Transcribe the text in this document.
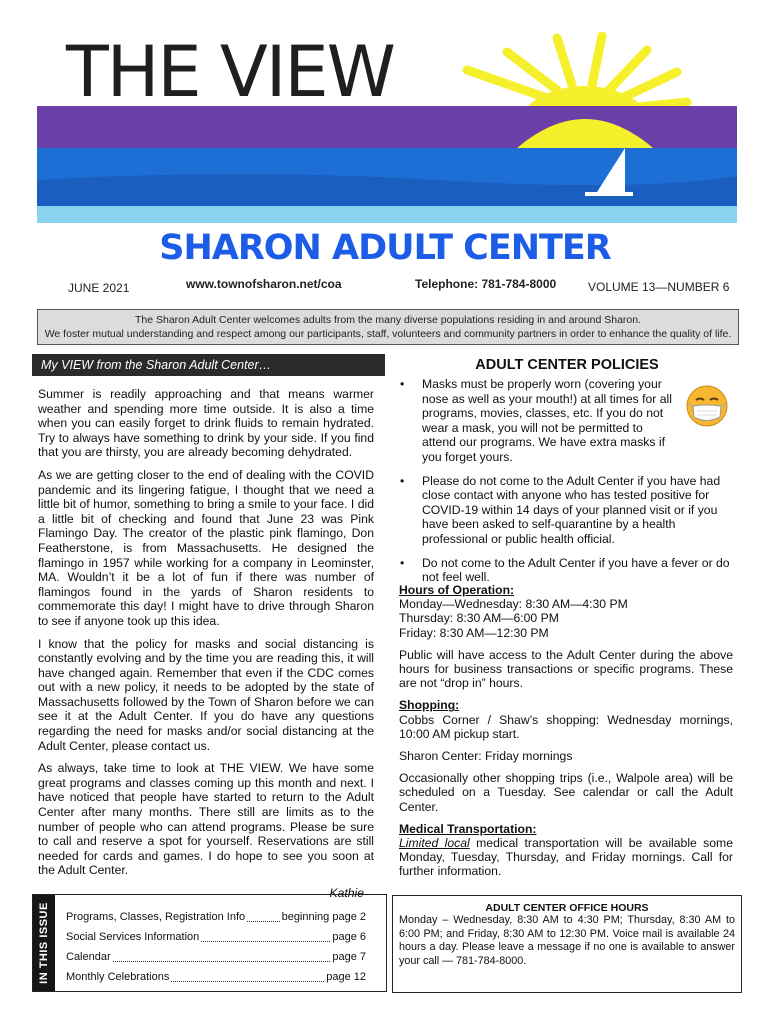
THE VIEW
SHARON ADULT CENTER
JUNE 2021	www.townofsharon.net/coa	Telephone: 781-784-8000	VOLUME 13—NUMBER 6
The Sharon Adult Center welcomes adults from the many diverse populations residing in and around Sharon.
We foster mutual understanding and respect among our participants, staff, volunteers and community partners in order to enhance the quality of life.
My VIEW from the Sharon Adult Center…

Summer is readily approaching and that means warmer weather and spending more time outside. It is also a time when you can easily forget to drink fluids to remain hydrated. Try to always have something to drink by your side. If you find that you are thirsty, you are already becoming dehydrated.

As we are getting closer to the end of dealing with the COVID pandemic and its lingering fatigue, I thought that we need a little bit of humor, something to bring a smile to your face. I did a little bit of checking and found that June 23 was Pink Flamingo Day. The creator of the plastic pink flamingo, Don Featherstone, is from Massachusetts. He designed the flamingo in 1957 while working for a company in Leominster, MA. Wouldn’t it be a lot of fun if there was number of flamingos found in the yards of Sharon residents to commemorate this day! I might have to drive through Sharon to see if anyone took up this idea.

I know that the policy for masks and social distancing is constantly evolving and by the time you are reading this, it will have changed again. Remember that even if the CDC comes out with a new policy, it needs to be adopted by the state of Massachusetts followed by the Town of Sharon before we can see it at the Adult Center. If you do have any questions regarding the need for masks and/or social distancing at the Adult Center, please contact us.

As always, take time to look at THE VIEW. We have some great programs and classes coming up this month and next. I have noticed that people have started to return to the Adult Center after many months. There still are limits as to the number of people who can attend programs. Please be sure to call and reserve a spot for yourself. Reservations are still needed for cards and games. I do hope to see you soon at the Adult Center.

Kathie

IN THIS ISSUE Programs, Classes, Registration Info	beginning page 2
Social Services Information	page 6
Calendar	page 7
Monthly Celebrations	page 12
ADULT CENTER POLICIES
• Masks must be properly worn (covering your nose as well as your mouth!) at all times for all programs, movies, classes, etc. If you do not wear a mask, you will not be permitted to attend our programs. We have extra masks if you forget yours.
• Please do not come to the Adult Center if you have had close contact with anyone who has tested positive for COVID-19 within 14 days of your planned visit or if you have been asked to self-quarantine by a health professional or public health official.
• Do not come to the Adult Center if you have a fever or do not feel well.
Hours of Operation:
Monday—Wednesday: 8:30 AM—4:30 PM
Thursday: 8:30 AM—6:00 PM
Friday: 8:30 AM—12:30 PM

Public will have access to the Adult Center during the above hours for business transactions or specific programs. These are not “drop in” hours.

Shopping:

Cobbs Corner / Shaw’s shopping: Wednesday mornings, 10:00 AM pickup start.

Sharon Center: Friday mornings

Occasionally other shopping trips (i.e., Walpole area) will be scheduled on a Tuesday. See calendar or call the Adult Center.

Medical Transportation:

Limited local medical transportation will be available some Monday, Tuesday, Thursday, and Friday mornings. Call for further information.

ADULT CENTER OFFICE HOURS
Monday – Wednesday, 8:30 AM to 4:30 PM; Thursday, 8:30 AM to 6:00 PM; and Friday, 8:30 AM to 12:30 PM. Voice mail is available 24 hours a day. Please leave a message if no one is available to answer your call — 781-784-8000.
